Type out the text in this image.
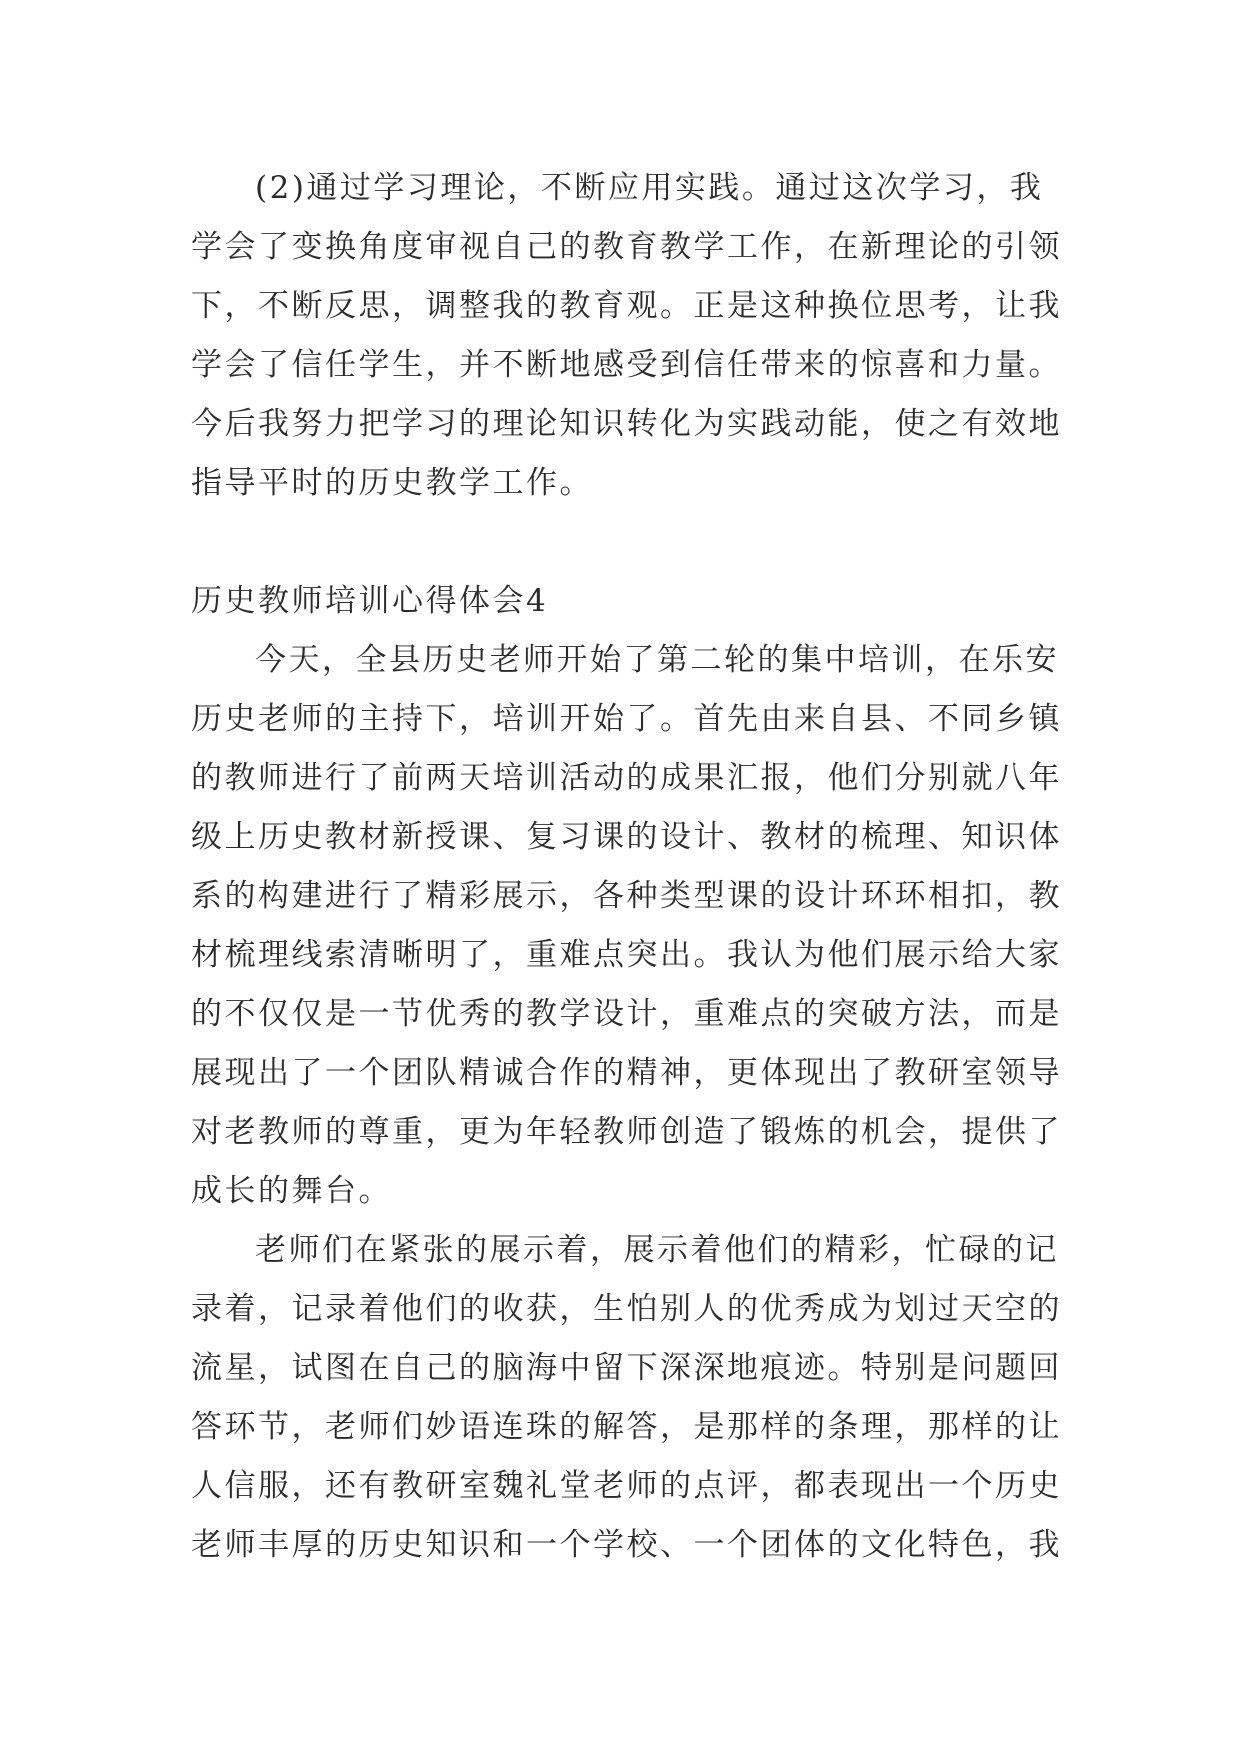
(2)通过学习理论，不断应用实践。通过这次学习，我
学会了变换角度审视自己的教育教学工作，在新理论的引领
下，不断反思，调整我的教育观。正是这种换位思考，让我
学会了信任学生，并不断地感受到信任带来的惊喜和力量。
今后我努力把学习的理论知识转化为实践动能，使之有效地
指导平时的历史教学工作。
历史教师培训心得体会4
今天，全县历史老师开始了第二轮的集中培训，在乐安
历史老师的主持下，培训开始了。首先由来自县、不同乡镇
的教师进行了前两天培训活动的成果汇报，他们分别就八年
级上历史教材新授课、复习课的设计、教材的梳理、知识体
系的构建进行了精彩展示，各种类型课的设计环环相扣，教
材梳理线索清晰明了，重难点突出。我认为他们展示给大家
的不仅仅是一节优秀的教学设计，重难点的突破方法，而是
展现出了一个团队精诚合作的精神，更体现出了教研室领导
对老教师的尊重，更为年轻教师创造了锻炼的机会，提供了
成长的舞台。
老师们在紧张的展示着，展示着他们的精彩，忙碌的记
录着，记录着他们的收获，生怕别人的优秀成为划过天空的
流星，试图在自己的脑海中留下深深地痕迹。特别是问题回
答环节，老师们妙语连珠的解答，是那样的条理，那样的让
人信服，还有教研室魏礼堂老师的点评，都表现出一个历史
老师丰厚的历史知识和一个学校、一个团体的文化特色，我
